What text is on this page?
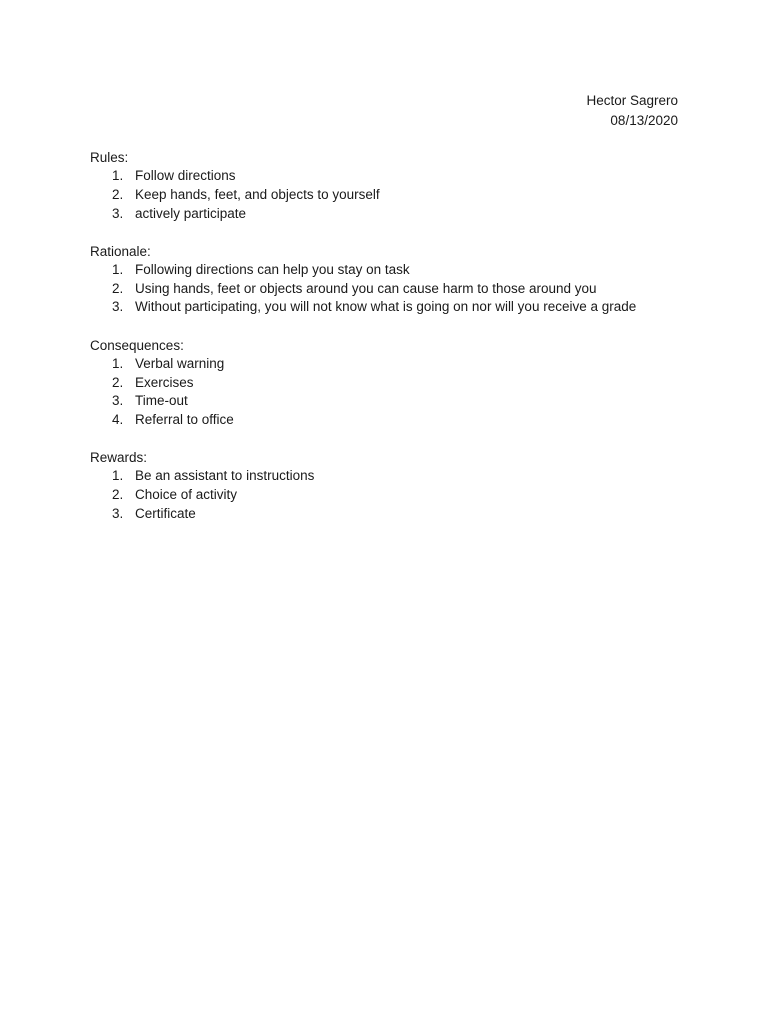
Hector Sagrero
08/13/2020
Rules:
1. Follow directions
2. Keep hands, feet, and objects to yourself
3. actively participate
Rationale:
1. Following directions can help you stay on task
2. Using hands, feet or objects around you can cause harm to those around you
3. Without participating, you will not know what is going on nor will you receive a grade
Consequences:
1. Verbal warning
2. Exercises
3. Time-out
4. Referral to office
Rewards:
1. Be an assistant to instructions
2. Choice of activity
3. Certificate
